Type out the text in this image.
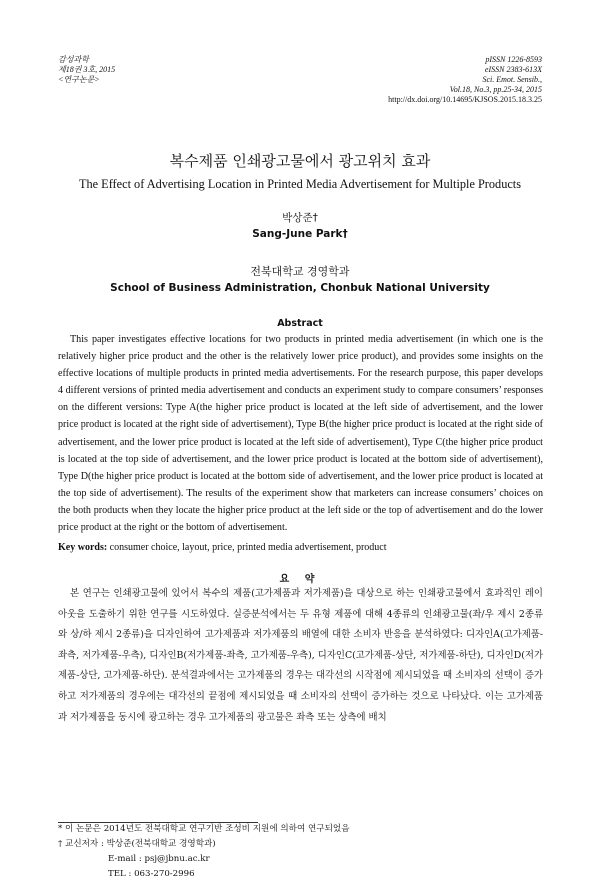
감성과학
제18권 3호, 2015
<연구논문>
pISSN 1226-8593
eISSN 2383-613X
Sci. Emot. Sensib.,
Vol.18, No.3, pp.25-34, 2015
http://dx.doi.org/10.14695/KJSOS.2015.18.3.25
복수제품 인쇄광고물에서 광고위치 효과
The Effect of Advertising Location in Printed Media Advertisement for Multiple Products
박상준†
Sang-June Park†
전북대학교 경영학과
School of Business Administration, Chonbuk National University
Abstract
This paper investigates effective locations for two products in printed media advertisement (in which one is the relatively higher price product and the other is the relatively lower price product), and provides some insights on the effective locations of multiple products in printed media advertisements. For the research purpose, this paper develops 4 different versions of printed media advertisement and conducts an experiment study to compare consumers’ responses on the different versions: Type A(the higher price product is located at the left side of advertisement, and the lower price product is located at the right side of advertisement), Type B(the higher price product is located at the right side of advertisement, and the lower price product is located at the left side of advertisement), Type C(the higher price product is located at the top side of advertisement, and the lower price product is located at the bottom side of advertisement), Type D(the higher price product is located at the bottom side of advertisement, and the lower price product is located at the top side of advertisement). The results of the experiment show that marketers can increase consumers’ choices on the both products when they locate the higher price product at the left side or the top of advertisement and do the lower price product at the right or the bottom of advertisement.
Key words: consumer choice, layout, price, printed media advertisement, product
요 약
본 연구는 인쇄광고물에 있어서 복수의 제품(고가제품과 저가제품)을 대상으로 하는 인쇄광고물에서 효과적인 레이아웃을 도출하기 위한 연구를 시도하였다. 실증분석에서는 두 유형 제품에 대해 4종류의 인쇄광고물(좌/우 제시 2종류와 상/하 제시 2종류)을 디자인하여 고가제품과 저가제품의 배열에 대한 소비자 반응을 분석하였다: 디자인A(고가제품-좌측, 저가제품-우측), 디자인B(저가제품-좌측, 고가제품-우측), 디자인C(고가제품-상단, 저가제품-하단), 디자인D(저가제품-상단, 고가제품-하단). 분석결과에서는 고가제품의 경우는 대각선의 시작점에 제시되었을 때 소비자의 선택이 증가하고 저가제품의 경우에는 대각선의 끝점에 제시되었을 때 소비자의 선택이 증가하는 것으로 나타났다. 이는 고가제품과 저가제품을 동시에 광고하는 경우 고가제품의 광고물은 좌측 또는 상측에 배치
* 이 논문은 2014년도 전북대학교 연구기반 조성비 지원에 의하여 연구되었음
† 교신저자 : 박상준(전북대학교 경영학과)
E-mail : psj@jbnu.ac.kr
TEL : 063-270-2996
